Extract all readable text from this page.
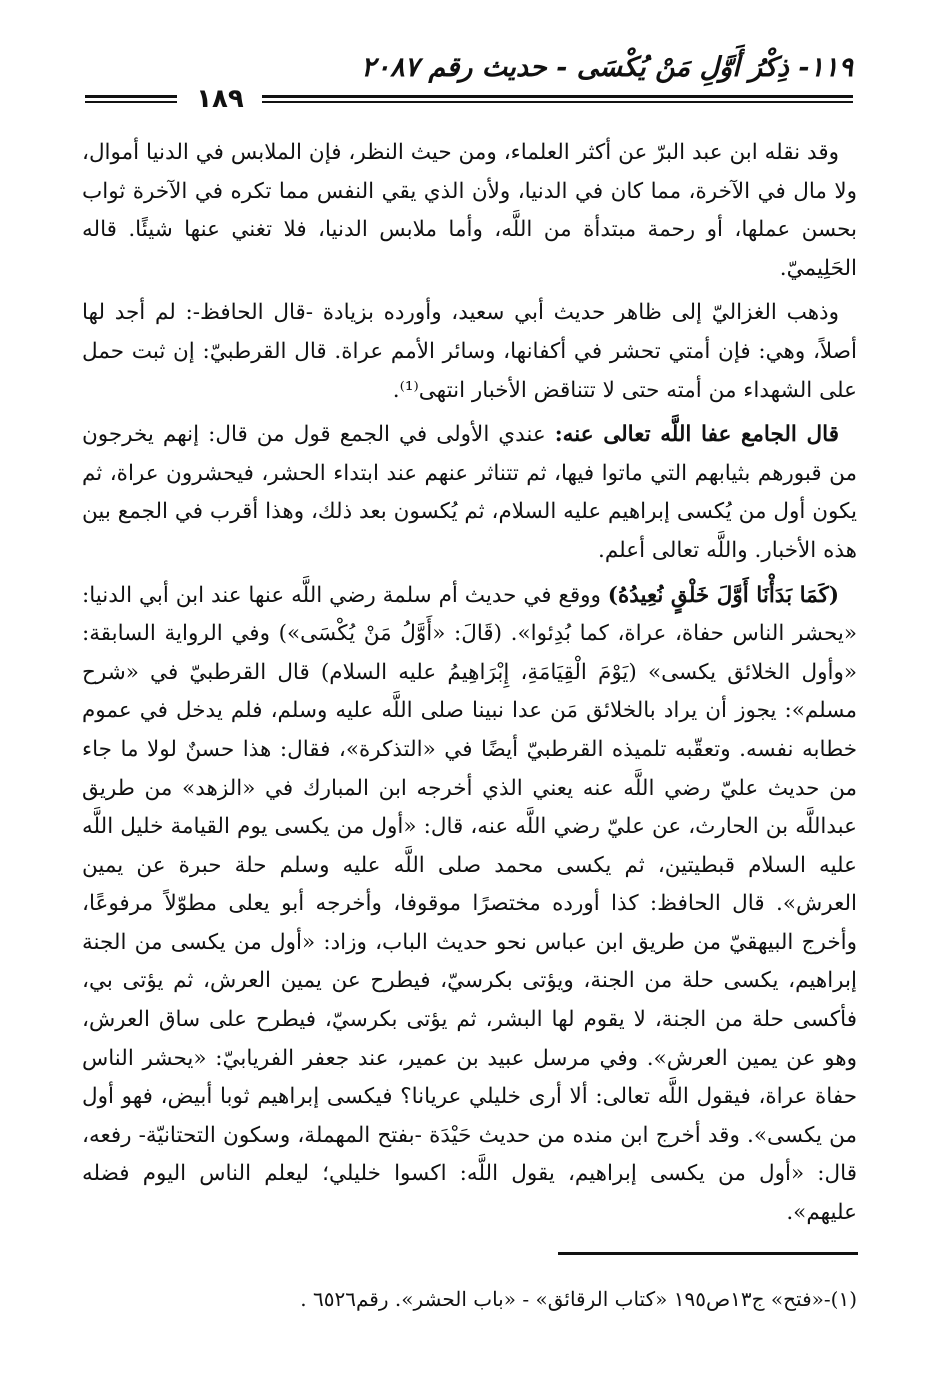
١١٩- ذِكْرُ أَوَّلِ مَنْ يُكْسَى - حديث رقم ٢٠٨٧
١٨٩

وقد نقله ابن عبد البرّ عن أكثر العلماء، ومن حيث النظر، فإن الملابس في الدنيا أموال، ولا مال في الآخرة، مما كان في الدنيا، ولأن الذي يقي النفس مما تكره في الآخرة ثواب بحسن عملها، أو رحمة مبتدأة من اللَّه، وأما ملابس الدنيا، فلا تغني عنها شيئًا. قاله الحَلِيميّ.

وذهب الغزاليّ إلى ظاهر حديث أبي سعيد، وأورده بزيادة -قال الحافظ-: لم أجد لها أصلاً، وهي: فإن أمتي تحشر في أكفانها، وسائر الأمم عراة. قال القرطبيّ: إن ثبت حمل على الشهداء من أمته حتى لا تتناقض الأخبار انتهى⁽¹⁾.

قال الجامع عفا اللَّه تعالى عنه: عندي الأولى في الجمع قول من قال: إنهم يخرجون من قبورهم بثيابهم التي ماتوا فيها، ثم تتناثر عنهم عند ابتداء الحشر، فيحشرون عراة، ثم يكون أول من يُكسى إبراهيم عليه السلام، ثم يُكسون بعد ذلك، وهذا أقرب في الجمع بين هذه الأخبار. واللَّه تعالى أعلم.

(كَمَا بَدَأْنَا أَوَّلَ خَلْقٍ نُعِيدُهُ) ووقع في حديث أم سلمة رضي اللَّه عنها عند ابن أبي الدنيا: «يحشر الناس حفاة، عراة، كما بُدِئوا». (قَالَ: «أَوَّلُ مَنْ يُكْسَى») وفي الرواية السابقة: «وأول الخلائق يكسى» (يَوْمَ الْقِيَامَةِ، إِبْرَاهِيمُ عليه السلام) قال القرطبيّ في «شرح مسلم»: يجوز أن يراد بالخلائق مَن عدا نبينا صلى اللَّه عليه وسلم، فلم يدخل في عموم خطابه نفسه. وتعقّبه تلميذه القرطبيّ أيضًا في «التذكرة»، فقال: هذا حسنٌ لولا ما جاء من حديث عليّ رضي اللَّه عنه يعني الذي أخرجه ابن المبارك في «الزهد» من طريق عبداللَّه بن الحارث، عن عليّ رضي اللَّه عنه، قال: «أول من يكسى يوم القيامة خليل اللَّه عليه السلام قبطيتين، ثم يكسى محمد صلى اللَّه عليه وسلم حلة حبرة عن يمين العرش». قال الحافظ: كذا أورده مختصرًا موقوفا، وأخرجه أبو يعلى مطوّلاً مرفوعًا، وأخرج البيهقيّ من طريق ابن عباس نحو حديث الباب، وزاد: «أول من يكسى من الجنة إبراهيم، يكسى حلة من الجنة، ويؤتى بكرسيّ، فيطرح عن يمين العرش، ثم يؤتى بي، فأكسى حلة من الجنة، لا يقوم لها البشر، ثم يؤتى بكرسيّ، فيطرح على ساق العرش، وهو عن يمين العرش». وفي مرسل عبيد بن عمير، عند جعفر الفريابيّ: «يحشر الناس حفاة عراة، فيقول اللَّه تعالى: ألا أرى خليلي عريانا؟ فيكسى إبراهيم ثوبا أبيض، فهو أول من يكسى». وقد أخرج ابن منده من حديث حَيْدَة -بفتح المهملة، وسكون التحتانيّة- رفعه، قال: «أول من يكسى إبراهيم، يقول اللَّه: اكسوا خليلي؛ ليعلم الناس اليوم فضله عليهم».

(١)-«فتح» ج١٣ص١٩٥ «كتاب الرقائق» - «باب الحشر». رقم٦٥٢٦ .
